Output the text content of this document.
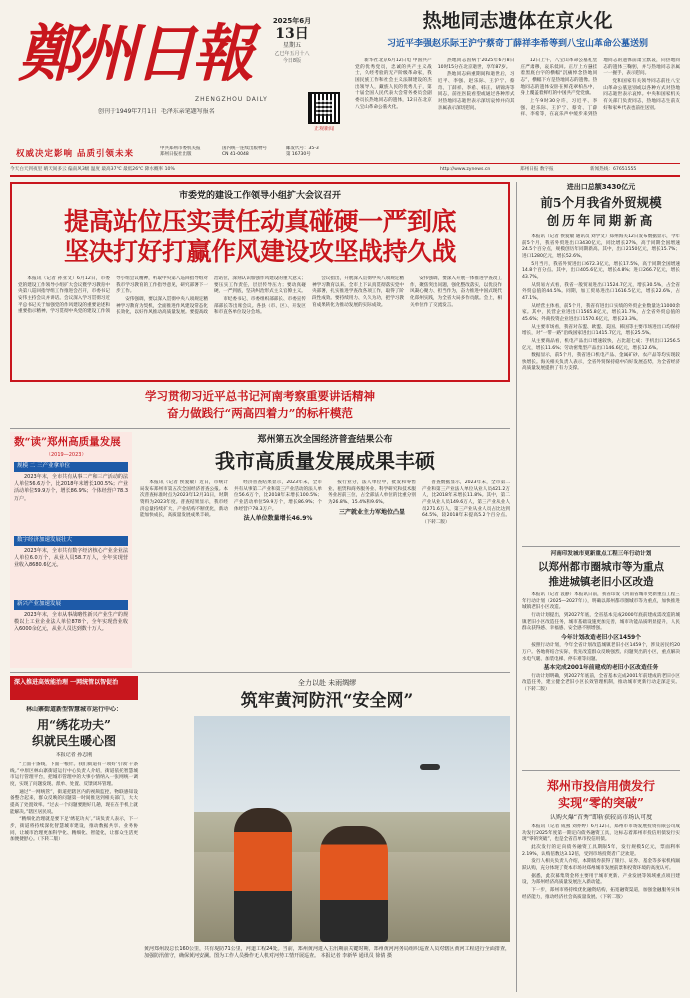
鄭州日報
ZHENGZHOU DAILY
创刊于1949年7月1日 毛泽东亲笔题写报名
2025年6月
13日
星期五
乙巳年五月十八
今日8版
正观新闻
权威决定影响 品质引领未来
中共郑州市委机关报
郑州日报社出版
国内统一连续出版物号
CN 41-0048
邮发代号：35-3
第 16730号
今天白天到夜里 晴天间多云 偏南风3级 温度 最高37℃ 最低26℃ 降水概率 10%	http://www.zynews.cn	郑州日报 数字报	新闻热线：67651555
热地同志遗体在京火化
习近平李强赵乐际王沪宁蔡奇丁薛祥李希等到八宝山革命公墓送别

新华社北京6月12日电 中国共产党的优秀党员，忠诚的共产主义战士，久经考验的无产阶级革命家，我国民族工作和社会主义法制建设的杰出领导人，藏族人民的优秀儿子，第十届全国人民代表大会常务委员会副委员长热地同志的遗体，12日在北京八宝山革命公墓火化。

热地同志因病于2025年6月8日10时15分在北京逝世，享年87岁。

热地同志病重期间和逝世后，习近平、李强、赵乐际、王沪宁、蔡奇、丁薛祥、李希、韩正、胡锦涛等同志，前往医院看望或通过各种形式对热地同志逝世表示深切哀悼并向其亲属表示深切慰问。

12日上午，八宝山革命公墓礼堂庄严肃穆，哀乐低回。正厅上方悬挂着黑底白字的横幅“沉痛悼念热地同志”，横幅下方是热地同志的遗像。热地同志的遗体安卧在鲜花翠柏丛中，身上覆盖着鲜红的中国共产党党旗。

上午9时30分许，习近平、李强、赵乐际、王沪宁、蔡奇、丁薛祥、李希等，在哀乐声中缓步来到热地同志的遗体前肃立默哀，向热地同志的遗体三鞠躬，并与热地同志亲属一一握手，表示慰问。

党和国家有关领导同志前往八宝山革命公墓送别或以各种方式对热地同志逝世表示哀悼。中央和国家机关有关部门负责同志，热地同志生前友好和家乡代表也前往送别。

市委党的建设工作领导小组扩大会议召开
提高站位压实责任动真碰硬一严到底
坚决打好打赢作风建设攻坚战持久战

本报讯（记者 孙亚文）6月12日，市委党的建设工作领导小组扩大会议暨学习教育中央第八巡回指导组工作推进会召开，市委书记安伟主持会议并讲话。会议深入学习贯彻习近平总书记关于加强党的作风建设的重要论述和重要指示精神，学习贯彻中央党的建设工作领导小组会议精神，听取中央第八巡回指导组对我市学习教育的工作指导意见，研究部署下一步工作。

安伟强调，要以深入贯彻中央八项规定精神学习教育为契机，全面推进作风建设常态化长效化，以好作风推动高质量发展。要提高政治站位，深刻认识加强作风建设的重大意义；要压实工作责任，层层传导压力；要动真碰硬、一严到底，坚决纠治形式主义官僚主义。

市纪委书记、市委组织部部长、市委宣传部部长等出席会议。各县（市、区）、开发区和市直各单位设分会场。

会议指出，开展深入贯彻中央八项规定精神学习教育以来，全市上下认真贯彻落实党中央部署，扎实推进学查改各项工作，取得了阶段性成效。要持续用力、久久为功，把学习教育成果转化为推动发展的实际成效。

安伟强调，要深入开展一体推进学查改工作，聚焦突出问题，强化整改落实，以优良作风凝心聚力、担当作为，奋力推进中国式现代化郑州实践，为全省大局多作贡献。会上，相关单位作了交流发言。

学习贯彻习近平总书记河南考察重要讲话精神
奋力做践行“两高四着力”的标杆模范
数“读”郑州高质量发展
（2019—2023）
规模 二 三产业拿单位

2023年末，全市共有从事二产和三产活动的法人单位56.6万个，比2018年末增长100.5%；产业活动单位59.9万个，增长86.9%；个体经营户78.3万户。

数字经济加速发展壮大

2023年末，全市共有数字经济核心产业企业法人单位6.0万个，从业人员58.7万人，全年实现营业收入8680.6亿元。

新兴产业加速发展

2023年末，全市从事战略性新兴产业生产的规模以上工业企业法人单位878个，全年实现营业收入6000余亿元，从业人员达到数十万人。

郑州第五次全国经济普查结果公布
我市高质量发展成果丰硕

本报讯（记者 侯爱敏）近日，市统计局发布郑州市第五次全国经济普查公报。本次普查标准时点为2023年12月31日，时期资料为2023年度。普查结果显示，我市经济总量持续扩大，产业结构不断优化，新动能加快成长，高质量发展成果丰硕。

经济普查结果显示，2023年末，全市共有从事第二产业和第三产业活动的法人单位56.6万个，比2018年末增长100.5%；产业活动单位59.9万个，增长86.9%；个体经营户78.3万户。

法人单位数量增长46.9%

按行业分，法人单位中，批发和零售业、租赁和商务服务业、科学研究和技术服务业居前三位，占全部法人单位的比重分别为26.8%、15.4%和9.6%。

三产就业主力军地位凸显

普查数据显示，2023年末，全市第二产业和第三产业法人单位从业人员421.2万人，比2018年末增长11.8%。其中，第二产业从业人员149.6万人，第三产业从业人员271.6万人，第三产业从业人员占比达到64.5%，较2018年末提高5.2个百分点。（下转二版）

深入推进高效能治理 一网统管以智促治
林山寨街道新型智慧城市运行中心：
用“绣花功夫”
织就民生暖心图
本报记者 孙志刚

“上面千条线，下面一根针。我们街道有一项好‘引领’千条线。”中原区林山寨街道运行中心负责人介绍，街道依托智慧城市运行管理平台，把城市管理中的大事小情纳入一张网统一调度，实现了问题发现、派单、处置、反馈闭环管理。

通过“一网统管”，街道把辖区内的视频监控、物联感知设备整合起来，群众反映的问题第一时间推送到相关部门，大大提高了处置效率。“过去一个问题要跑好几趟，现在在手机上就能解决。”辖区居民说。

“精细化治理就是要下足‘绣花功夫’。”该负责人表示，下一步，街道将持续深化智慧城市建设，推动数据共享、业务协同，让城市治理更加科学化、精细化、智能化，让群众生活更加便捷舒心。（下转二版）

全力以赴 未雨绸缪
筑牢黄河防汛“安全网”
黄河郑州段总长160公里，共有堤防71公里，河道工程24处。当前，郑州黄河进入主汛期前关键时期，郑州黄河河务局组织巡查人员对辖区黄河工程进行全面排查，加强防汛值守，确保黄河安澜。图为工作人员操作无人机对河势工情开展巡查。 本报记者 李新华 通讯员 徐倩 摄
进出口总额3430亿元
前5个月我省外贸规模
创历年同期新高

本报讯（记者 侯爱敏 通讯员 刘学文）郑州海关12日发布数据显示，今年前5个月，我省外贸进出口3430亿元，同比增长27%，高于同期全国增速24.5个百分点，规模创历年同期新高。其中，出口2150亿元，增长15.7%；进口1280亿元，增长52.6%。

5月当月，我省外贸进出口672.3亿元，增长17.5%，高于同期全国增速14.8个百分点。其中，出口405.6亿元，增长4.8%；进口266.7亿元，增长43.7%。

从贸易方式看，我省一般贸易进出口1524.7亿元，增长30.5%，占全省外贸总值的44.5%。同期，加工贸易进出口1616.5亿元，增长22.6%，占47.1%。

从经营主体看，前5个月，我省有进出口实绩的外贸企业数量达11000余家。其中，民营企业进出口1565.8亿元，增长31.7%，占全省外贸总值的45.6%；外商投资企业进出口1570.6亿元，增长23.3%。

从主要市场看，我省对东盟、欧盟、美国、韩国等主要市场进出口均保持增长，对“一带一路”沿线国家进出口1415.7亿元，增长25.5%。

从主要商品看，机电产品出口增速较快，占比超七成；手机出口1256.5亿元，增长11.6%；劳动密集型产品出口146.6亿元，增长12.6%。

数据显示，前5个月，我省进口机电产品、金属矿砂、农产品等均实现较快增长。海关相关负责人表示，全省外贸保持稳中向好发展态势，为全省经济高质量发展提供了有力支撑。

河南印发城市更新重点工程三年行动计划
以郑州都市圈城市等为重点
推进城镇老旧小区改造

本报讯（记者 袁静）本报讯日前，我省印发《河南省城市更新重点工程三年行动计划（2025—2027年）》，明确以郑州都市圈城市等为重点，加快推进城镇老旧小区改造。

行动计划提出，到2027年底，全省基本完成2000年底前建成需改造的城镇老旧小区改造任务，城市基础设施更加完善，城市功能品质明显提升，人民群众获得感、幸福感、安全感不断增强。

今年计划改造老旧小区1459个

按照行动计划，今年全省计划改造城镇老旧小区1459个，涉及居民约20万户。各地将结合实际，优先改造群众反映强烈、问题突出的小区，重点解决水电气暖、加装电梯、停车难等问题。

基本完成2001年前建成的老旧小区改造任务

行动计划明确，到2027年底前，全省基本完成2001年前建成的老旧小区改造任务，建立健全老旧小区长效管理机制，推动城市更新行动走深走实。（下转二版）

郑州市投信用债发行
实现“零的突破”
认购火爆“首秀”即斩获较高市场认可度

本报讯（记者 成燕 刘亦婷）6月12日，郑州市市场发展投资有限公司成功发行2025年度第一期定向债务融资工具，这标志着郑州市投信用债发行实现“零的突破”，也是全省首单市投信用债。

此次发行的定向债务融资工具期限5年，发行规模5亿元，票面利率2.19%，认购倍数达3.12倍，受到市场投资者广泛欢迎。

发行人相关负责人介绍，本期债券获得了银行、证券、基金等多家机构踊跃认购，充分体现了资本市场对郑州城市发展前景和投资环境的高度认可。

据悉，此次募集资金将主要用于城市更新、产业发展等领域重点项目建设，为郑州经济高质量发展注入新动能。

下一步，郑州市将持续优化融资结构，拓宽融资渠道，加强金融服务实体经济能力，推动经济社会高质量发展。（下转二版）
